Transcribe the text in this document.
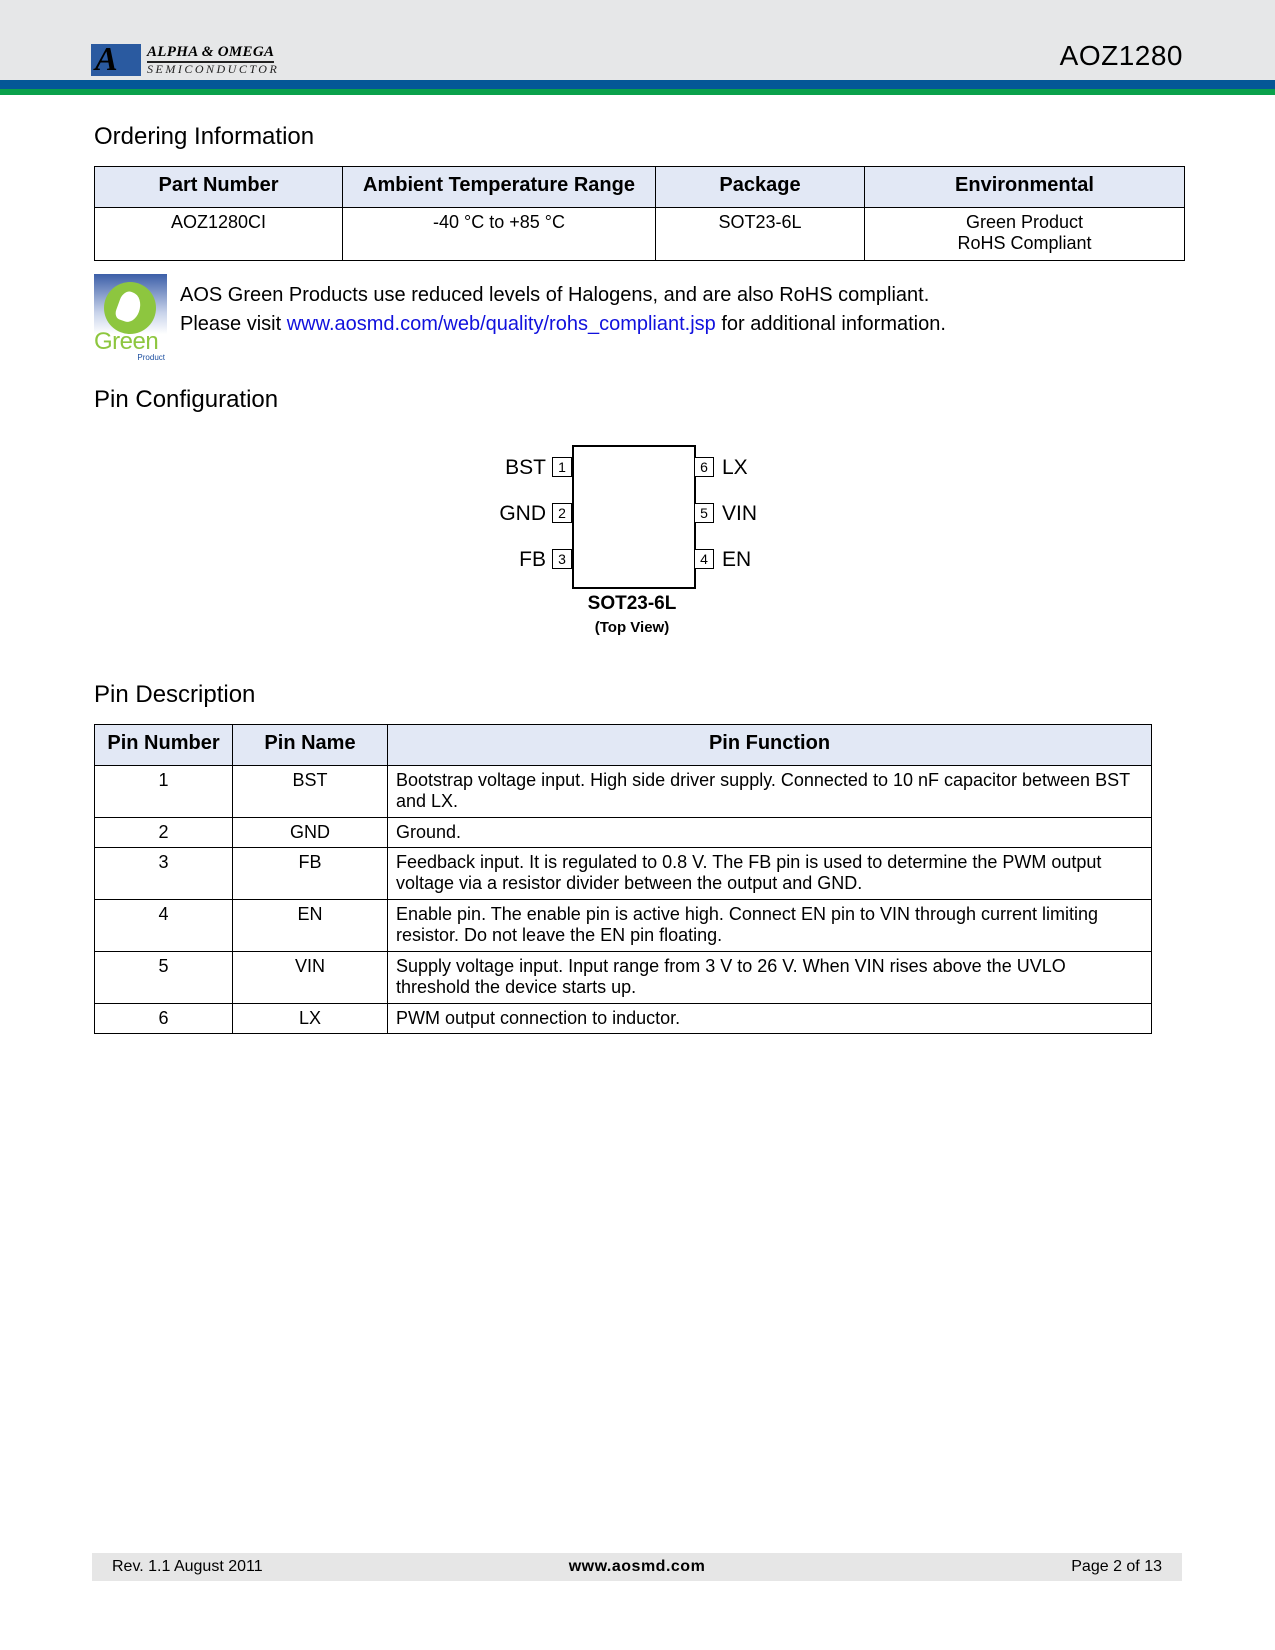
A ALPHA & OMEGA
SEMICONDUCTOR	AOZ1280
Ordering Information
Part Number	Ambient Temperature Range	Package	Environmental
AOZ1280CI	-40 °C to +85 °C	SOT23-6L	Green Product
RoHS Compliant
Green
Product
AOS Green Products use reduced levels of Halogens, and are also RoHS compliant.
Please visit www.aosmd.com/web/quality/rohs_compliant.jsp for additional information.
Pin Configuration
1
BST
2
GND
3
FB
6 LX
5 VIN
4 EN
SOT23-6L
(Top View)
Pin Description
Pin Number	Pin Name	Pin Function
1	BST	Bootstrap voltage input. High side driver supply. Connected to 10 nF capacitor between BST and LX.
2	GND	Ground.
3	FB	Feedback input. It is regulated to 0.8 V. The FB pin is used to determine the PWM output voltage via a resistor divider between the output and GND.
4	EN	Enable pin. The enable pin is active high. Connect EN pin to VIN through current limiting resistor. Do not leave the EN pin floating.
5	VIN	Supply voltage input. Input range from 3 V to 26 V. When VIN rises above the UVLO threshold the device starts up.
6	LX	PWM output connection to inductor.
Rev. 1.1 August 2011	www.aosmd.com	Page 2 of 13
